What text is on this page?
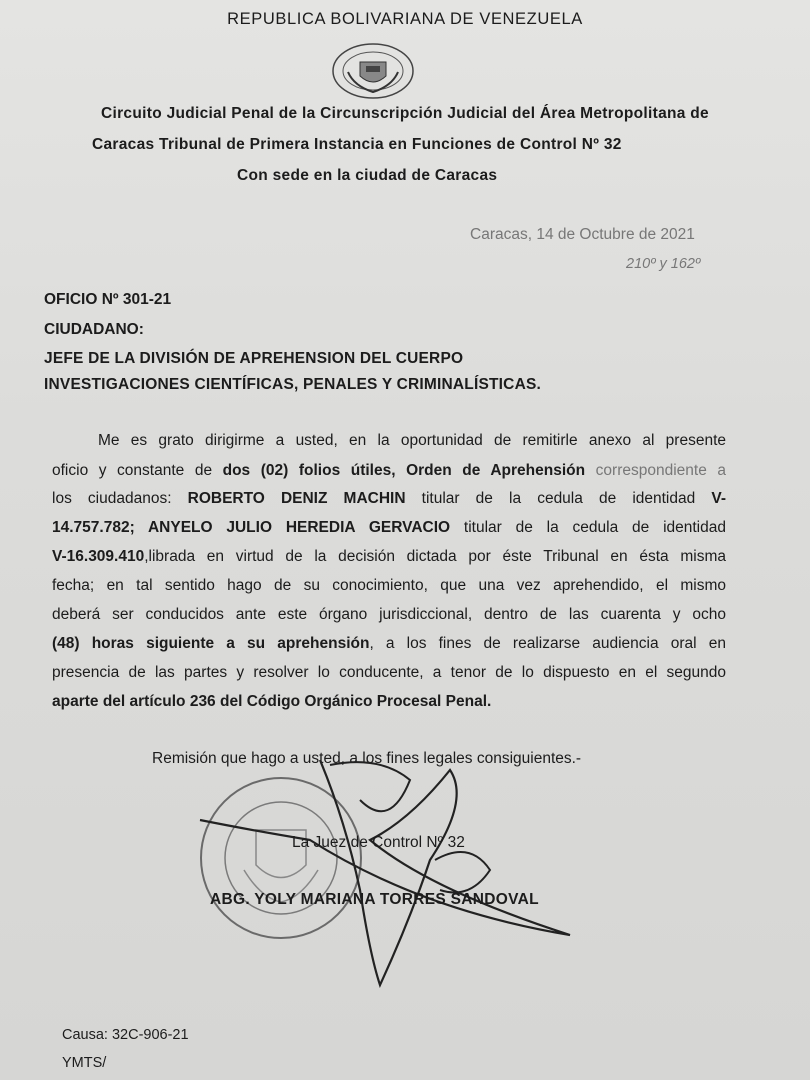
REPUBLICA BOLIVARIANA DE VENEZUELA
Circuito Judicial Penal de la Circunscripción Judicial del Área Metropolitana de
Caracas Tribunal de Primera Instancia en Funciones de Control Nº 32
Con sede en la ciudad de Caracas
Caracas, 14 de Octubre de 2021
210º y 162º
OFICIO Nº 301-21
CIUDADANO:
JEFE DE LA DIVISIÓN DE APREHENSION DEL CUERPO
INVESTIGACIONES CIENTÍFICAS, PENALES Y CRIMINALÍSTICAS.
Me es grato dirigirme a usted, en la oportunidad de remitirle anexo al presente
oficio y constante de dos (02) folios útiles, Orden de Aprehensión correspondiente a
los ciudadanos: ROBERTO DENIZ MACHIN titular de la cedula de identidad V-
14.757.782; ANYELO JULIO HEREDIA GERVACIO titular de la cedula de identidad
V-16.309.410,librada en virtud de la decisión dictada por éste Tribunal en ésta misma
fecha; en tal sentido hago de su conocimiento, que una vez aprehendido, el mismo
deberá ser conducidos ante este órgano jurisdiccional, dentro de las cuarenta y ocho
(48) horas siguiente a su aprehensión, a los fines de realizarse audiencia oral en
presencia de las partes y resolver lo conducente, a tenor de lo dispuesto en el segundo
aparte del artículo 236 del Código Orgánico Procesal Penal.
Remisión que hago a usted, a los fines legales consiguientes.-
La Juez de Control Nº 32
ABG. YOLY MARIANA TORRES SANDOVAL
Causa: 32C-906-21
YMTS/
